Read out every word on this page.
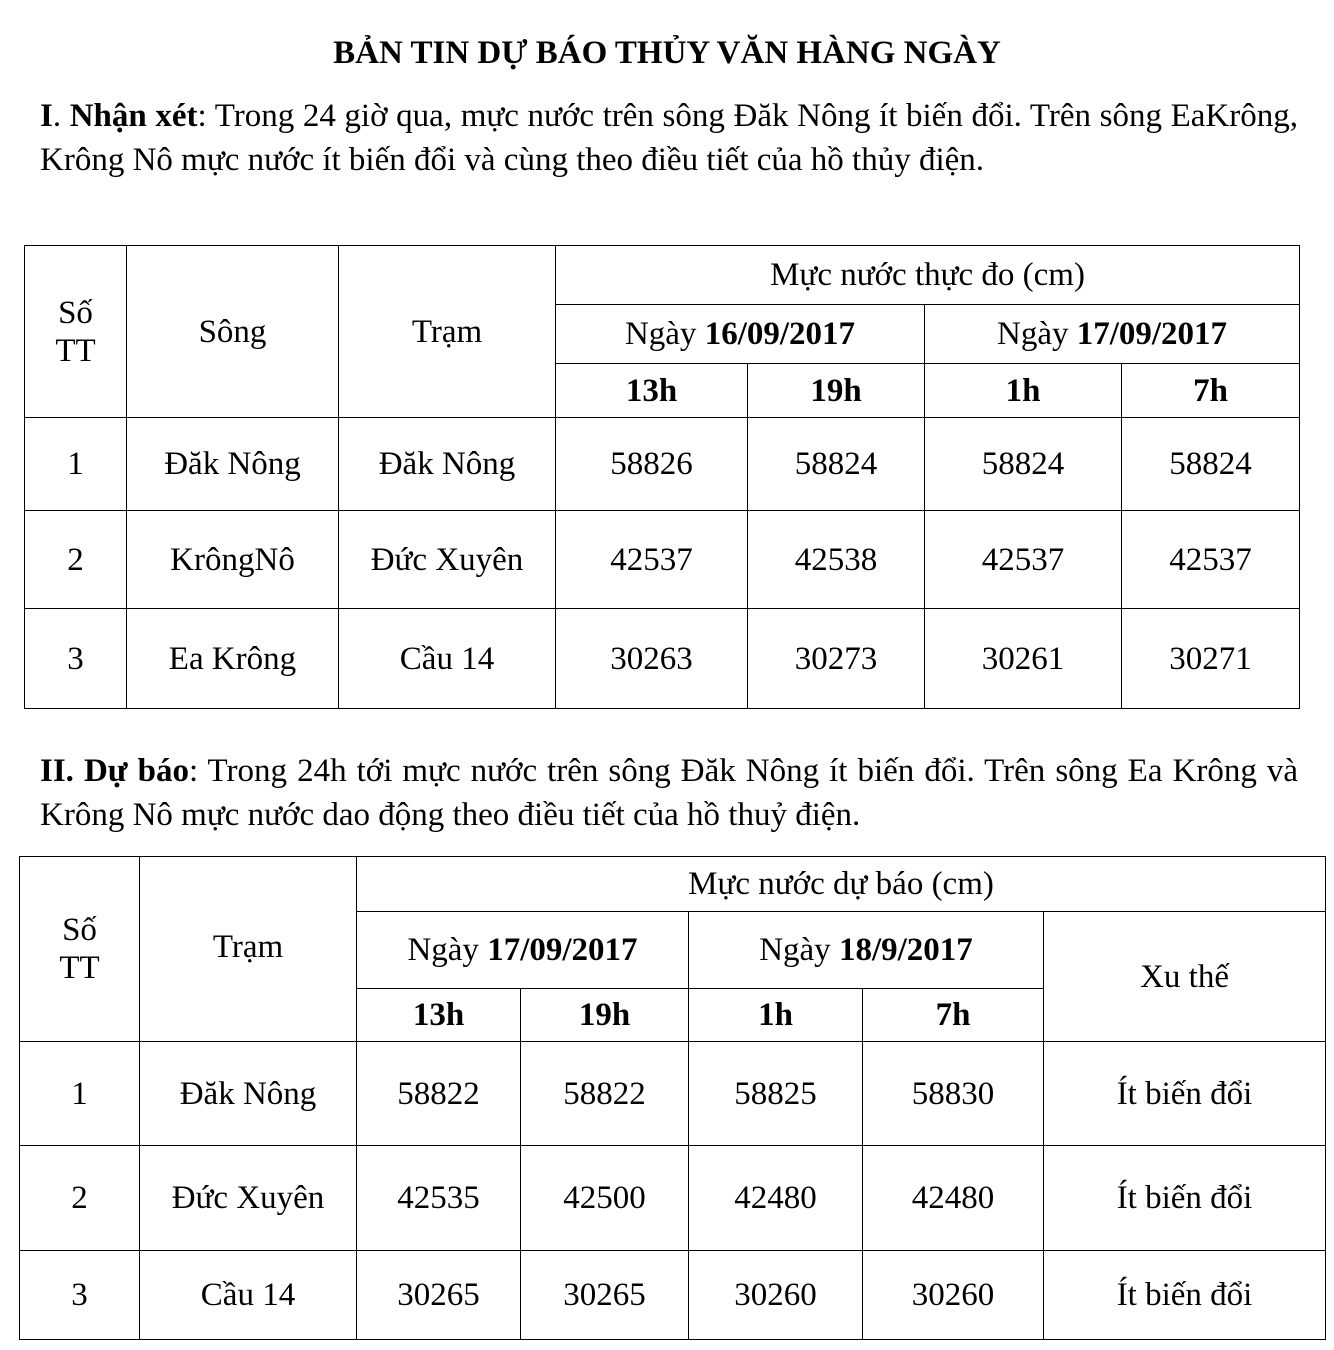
BẢN TIN DỰ BÁO THỦY VĂN HÀNG NGÀY
I. Nhận xét: Trong 24 giờ qua, mực nước trên sông Đăk Nông ít biến đổi. Trên sông EaKrông, Krông Nô mực nước ít biến đổi và cùng theo điều tiết của hồ thủy điện.
Số TT	Sông	Trạm	Mực nước thực đo (cm)			
			Ngày 16/09/2017		Ngày 17/09/2017	
			13h	19h	1h	7h
1	Đăk Nông	Đăk Nông	58826	58824	58824	58824
2	KrôngNô	Đức Xuyên	42537	42538	42537	42537
3	Ea Krông	Cầu 14	30263	30273	30261	30271
II. Dự báo: Trong 24h tới mực nước trên sông Đăk Nông ít biến đổi. Trên sông Ea Krông và Krông Nô mực nước dao động theo điều tiết của hồ thuỷ điện.
Số TT	Trạm	Mực nước dự báo (cm)				
		Ngày 17/09/2017		Ngày 18/9/2017		Xu thế
		13h	19h	1h	7h	
1	Đăk Nông	58822	58822	58825	58830	Ít biến đổi
2	Đức Xuyên	42535	42500	42480	42480	Ít biến đổi
3	Cầu 14	30265	30265	30260	30260	Ít biến đổi
